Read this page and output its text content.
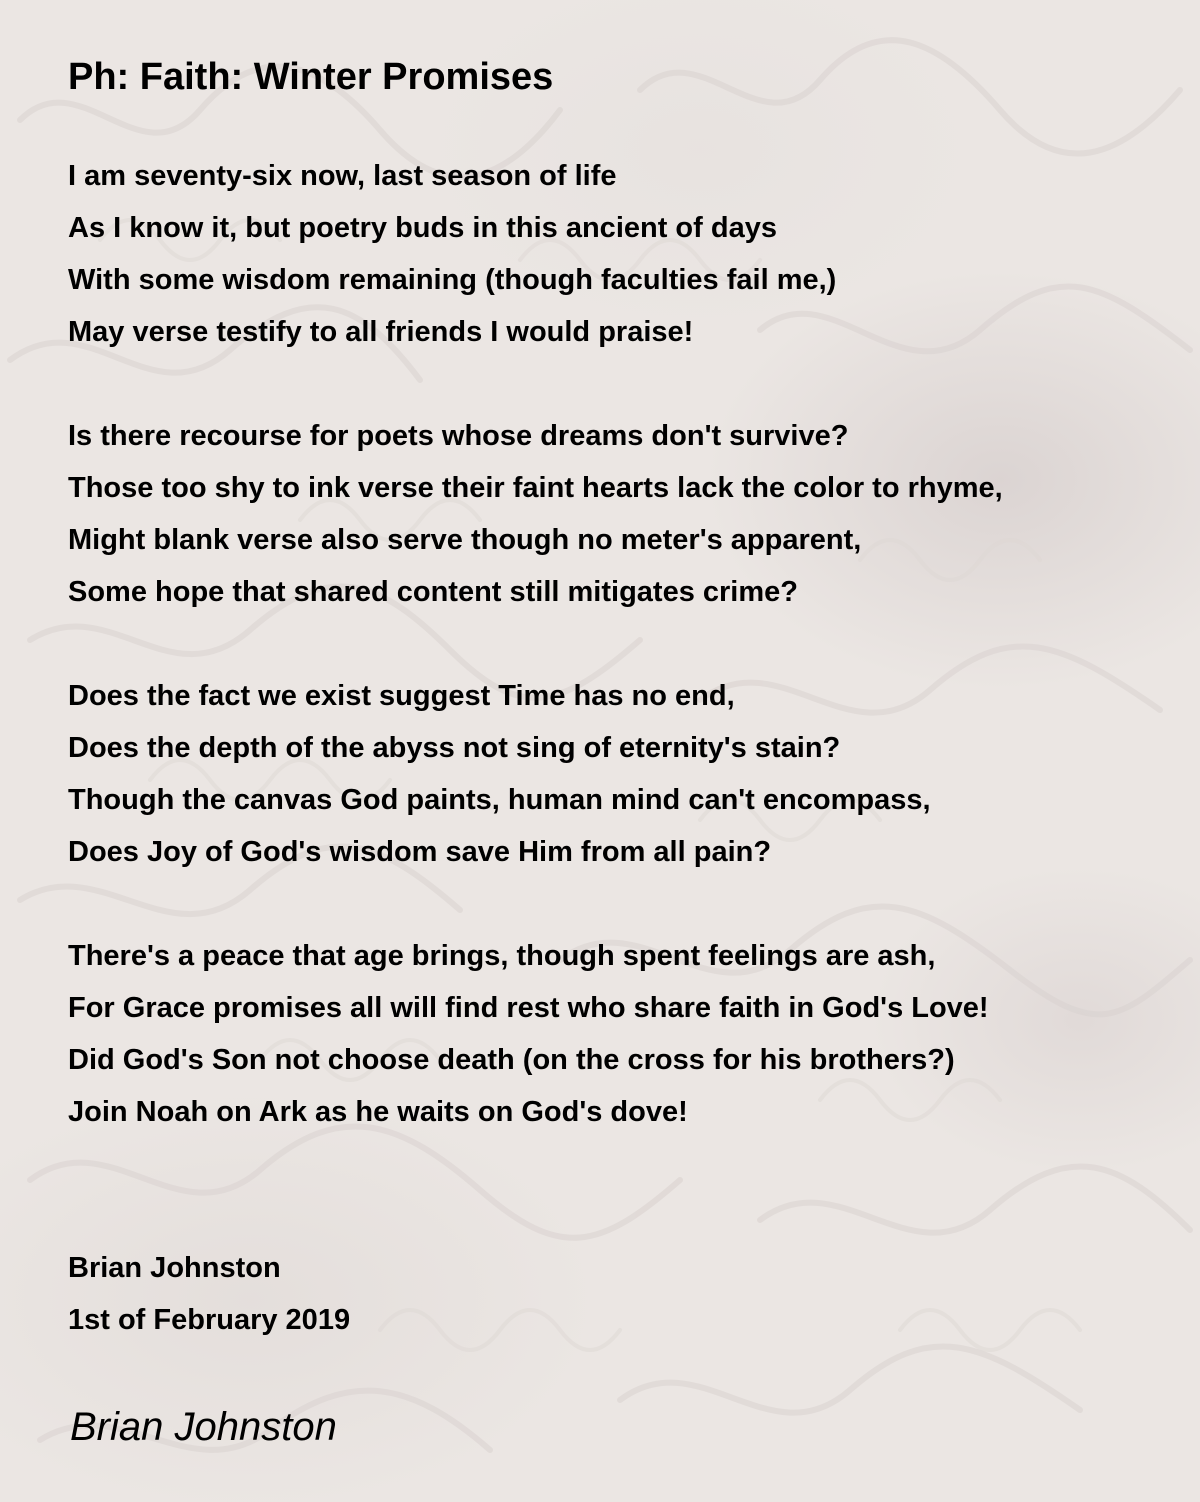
Ph: Faith: Winter Promises
I am seventy-six now, last season of life
As I know it, but poetry buds in this ancient of days
With some wisdom remaining (though faculties fail me,)
May verse testify to all friends I would praise!
Is there recourse for poets whose dreams don't survive?
Those too shy to ink verse their faint hearts lack the color to rhyme,
Might blank verse also serve though no meter's apparent,
Some hope that shared content still mitigates crime?
Does the fact we exist suggest Time has no end,
Does the depth of the abyss not sing of eternity's stain?
Though the canvas God paints, human mind can't encompass,
Does Joy of God's wisdom save Him from all pain?
There's a peace that age brings, though spent feelings are ash,
For Grace promises all will find rest who share faith in God's Love!
Did God's Son not choose death (on the cross for his brothers?)
Join Noah on Ark as he waits on God's dove!
Brian Johnston
1st of February 2019
Brian Johnston
